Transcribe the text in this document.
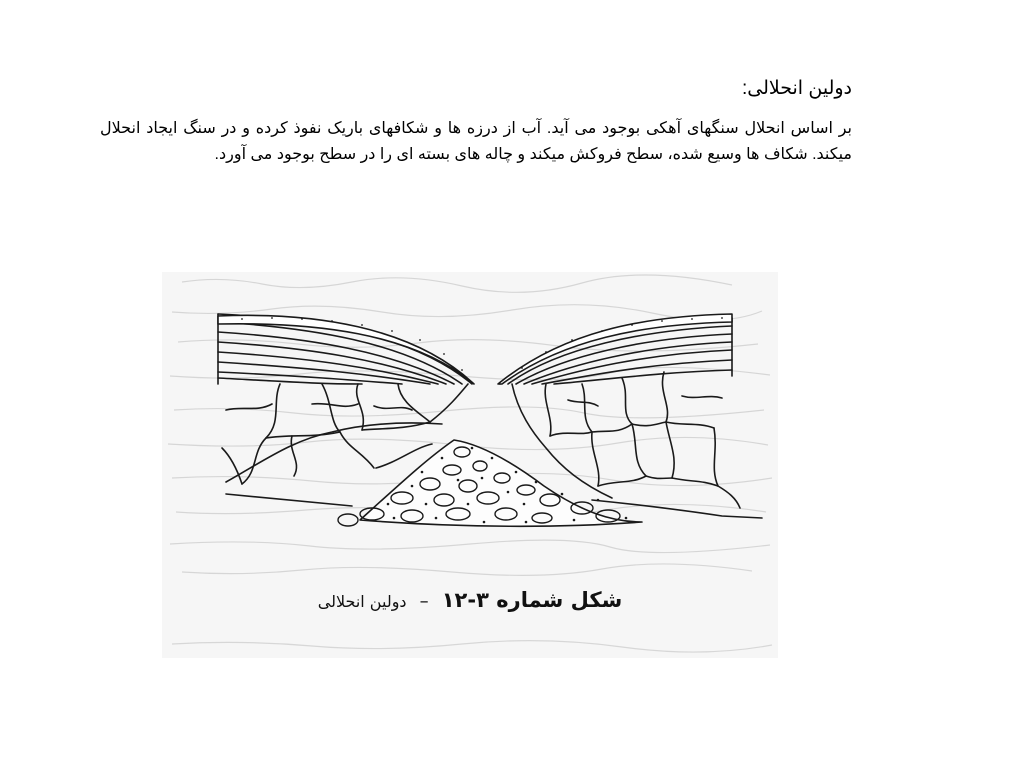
دولین انحلالی:

بر اساس انحلال سنگهای آهکی بوجود می آید. آب از درزه ها و شکافهای باریک نفوذ کرده و در سنگ ایجاد انحلال میکند. شکاف ها وسیع شده، سطح فروکش میکند و چاله های بسته ای را در سطح بوجود می آورد.

شکل شماره ۳-۱۲ – دولین انحلالی
